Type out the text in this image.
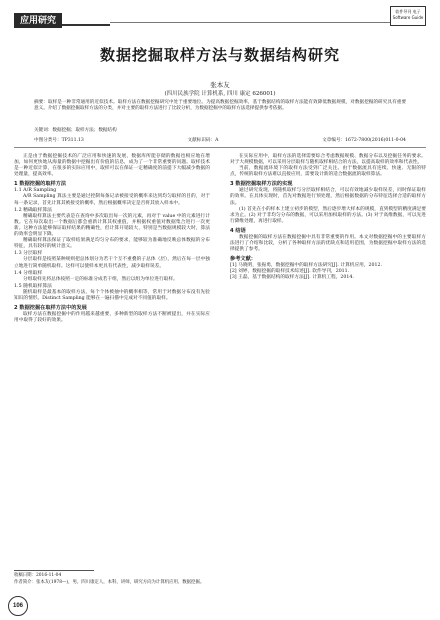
应用研究
软件导刊 电子 Software Guide
数据挖掘取样方法与数据结构研究
张本友
(四川民族学院 计算机系, 四川 康定 626001)
摘要：取样是一种非常通用的近似技术。取样方法在数据挖掘研究中处于重要地位。为提高数据挖掘效率，基于数据结构的取样方法能有效降低数据规模，对数据挖掘的研究具有重要意义。介绍了数据挖掘取样方法的分类，并对主要的取样方法进行了比较分析，为数据挖掘中的取样方法选择提供参考依据。
关键词：数据挖掘；取样方法；数据结构
中图分类号：TP311.13	文献标识码：A	文章编号：1672-7800(2016)011-0-04

正是由于数据挖掘技术的广泛应用和快速的发展，数据库所能存储的数据也相应地在增加，如何更快地从海量的数据中挖掘出有价值的信息，成为了一个非常重要的问题。取样技术是一种近似计算，在很多的实际应用中，取样可以在保证一定精确度的前提下大幅减少数据的处理量，提高效率。

1 数据挖掘的取样方法
1.1 A/R Sampling

A/R Sampling 算法主要是通过控制每条记录被接受的概率来达到均匀取样的目的，对于每一条记录，首先计算其被接受的概率，然后根据概率决定是否将其放入样本中。

1.2 精确取样算法

精确取样算法主要代表是在查询中多次取出每一次的元素，再对于 value 中的元素进行计数。它在每次取出一个数据后都会重新计算其权重值，并根据权重值对数据集合进行一次更新。这种方法能够保证取样结果的精确性，但计算开销较大，特别是当数据规模较大时，算法的效率会明显下降。

精确取样算法保证了取样结果满足均匀分布的要求，能够较为准确地反映总体数据的分布特征，具有较好的统计意义。

1.3 分层取样

分层取样是按照某种规则把总体划分为若干个互不重叠的子总体（层），然后在每一层中独立地进行简单随机取样。这样可以使样本更具有代表性，减少取样误差。

1.4 分组取样

分组取样先将总体按照一定的标准分成若干组，然后以组为单位进行取样。

1.5 随机取样算法

随机取样是最基本的取样方法，每个个体被抽中的概率相等，常用于对数据分布没有先验知识的情形。Distinct Sampling 能够在一遍扫描中完成对不同值的取样。

2 数据挖掘在取样方法中的发展

取样方法在数据挖掘中的作用越来越重要，多种新型的取样方法不断被提出，并在实际应用中取得了较好的效果。

在实际应用中，取样方法的选择需要综合考虑数据规模、数据分布以及挖掘任务的要求。对于大规模数据，可以采用分层取样与随机取样相结合的方法，以提高取样的效率和代表性。

当前，数据流环境下的取样方法受到广泛关注。由于数据流具有连续、快速、无限的特点，传统的取样方法难以直接应用，需要设计新的适合数据流的取样算法。

3 数据挖掘取样方法的实现

通过研究发现，将随机取样与分层取样相结合，可以有效地减少取样误差，同时保证取样的效率。在具体实现时，首先对数据进行预处理，然后根据数据的分布特征选择合适的取样方法。

(1) 首先在小的样本上建立初步的模型，然后逐步增大样本的规模，直到模型的精度满足要求为止。(2) 对于非均匀分布的数据，可以采用加权取样的方法。(3) 对于高维数据，可以先进行降维处理，再进行取样。

4 结语

数据挖掘的取样方法在数据挖掘中具有非常重要的作用。本文对数据挖掘中的主要取样方法进行了介绍和比较，分析了各种取样方法的优缺点和适用范围，为数据挖掘中取样方法的选择提供了参考。

参考文献：

[1] 马晓明，张振勇，数据挖掘中的取样方法研究[J]. 计算机应用，2012.

[2] 刘婷，数据挖掘的取样技术综述[J]. 软件导刊，2011.

[3] 王磊，基于数据结构的取样方法[J]. 计算机工程，2014.

收稿日期：2016-11-04
作者简介：张本友(1978—)，男，四川康定人，本科，讲师，研究方向为计算机应用、数据挖掘。
106
